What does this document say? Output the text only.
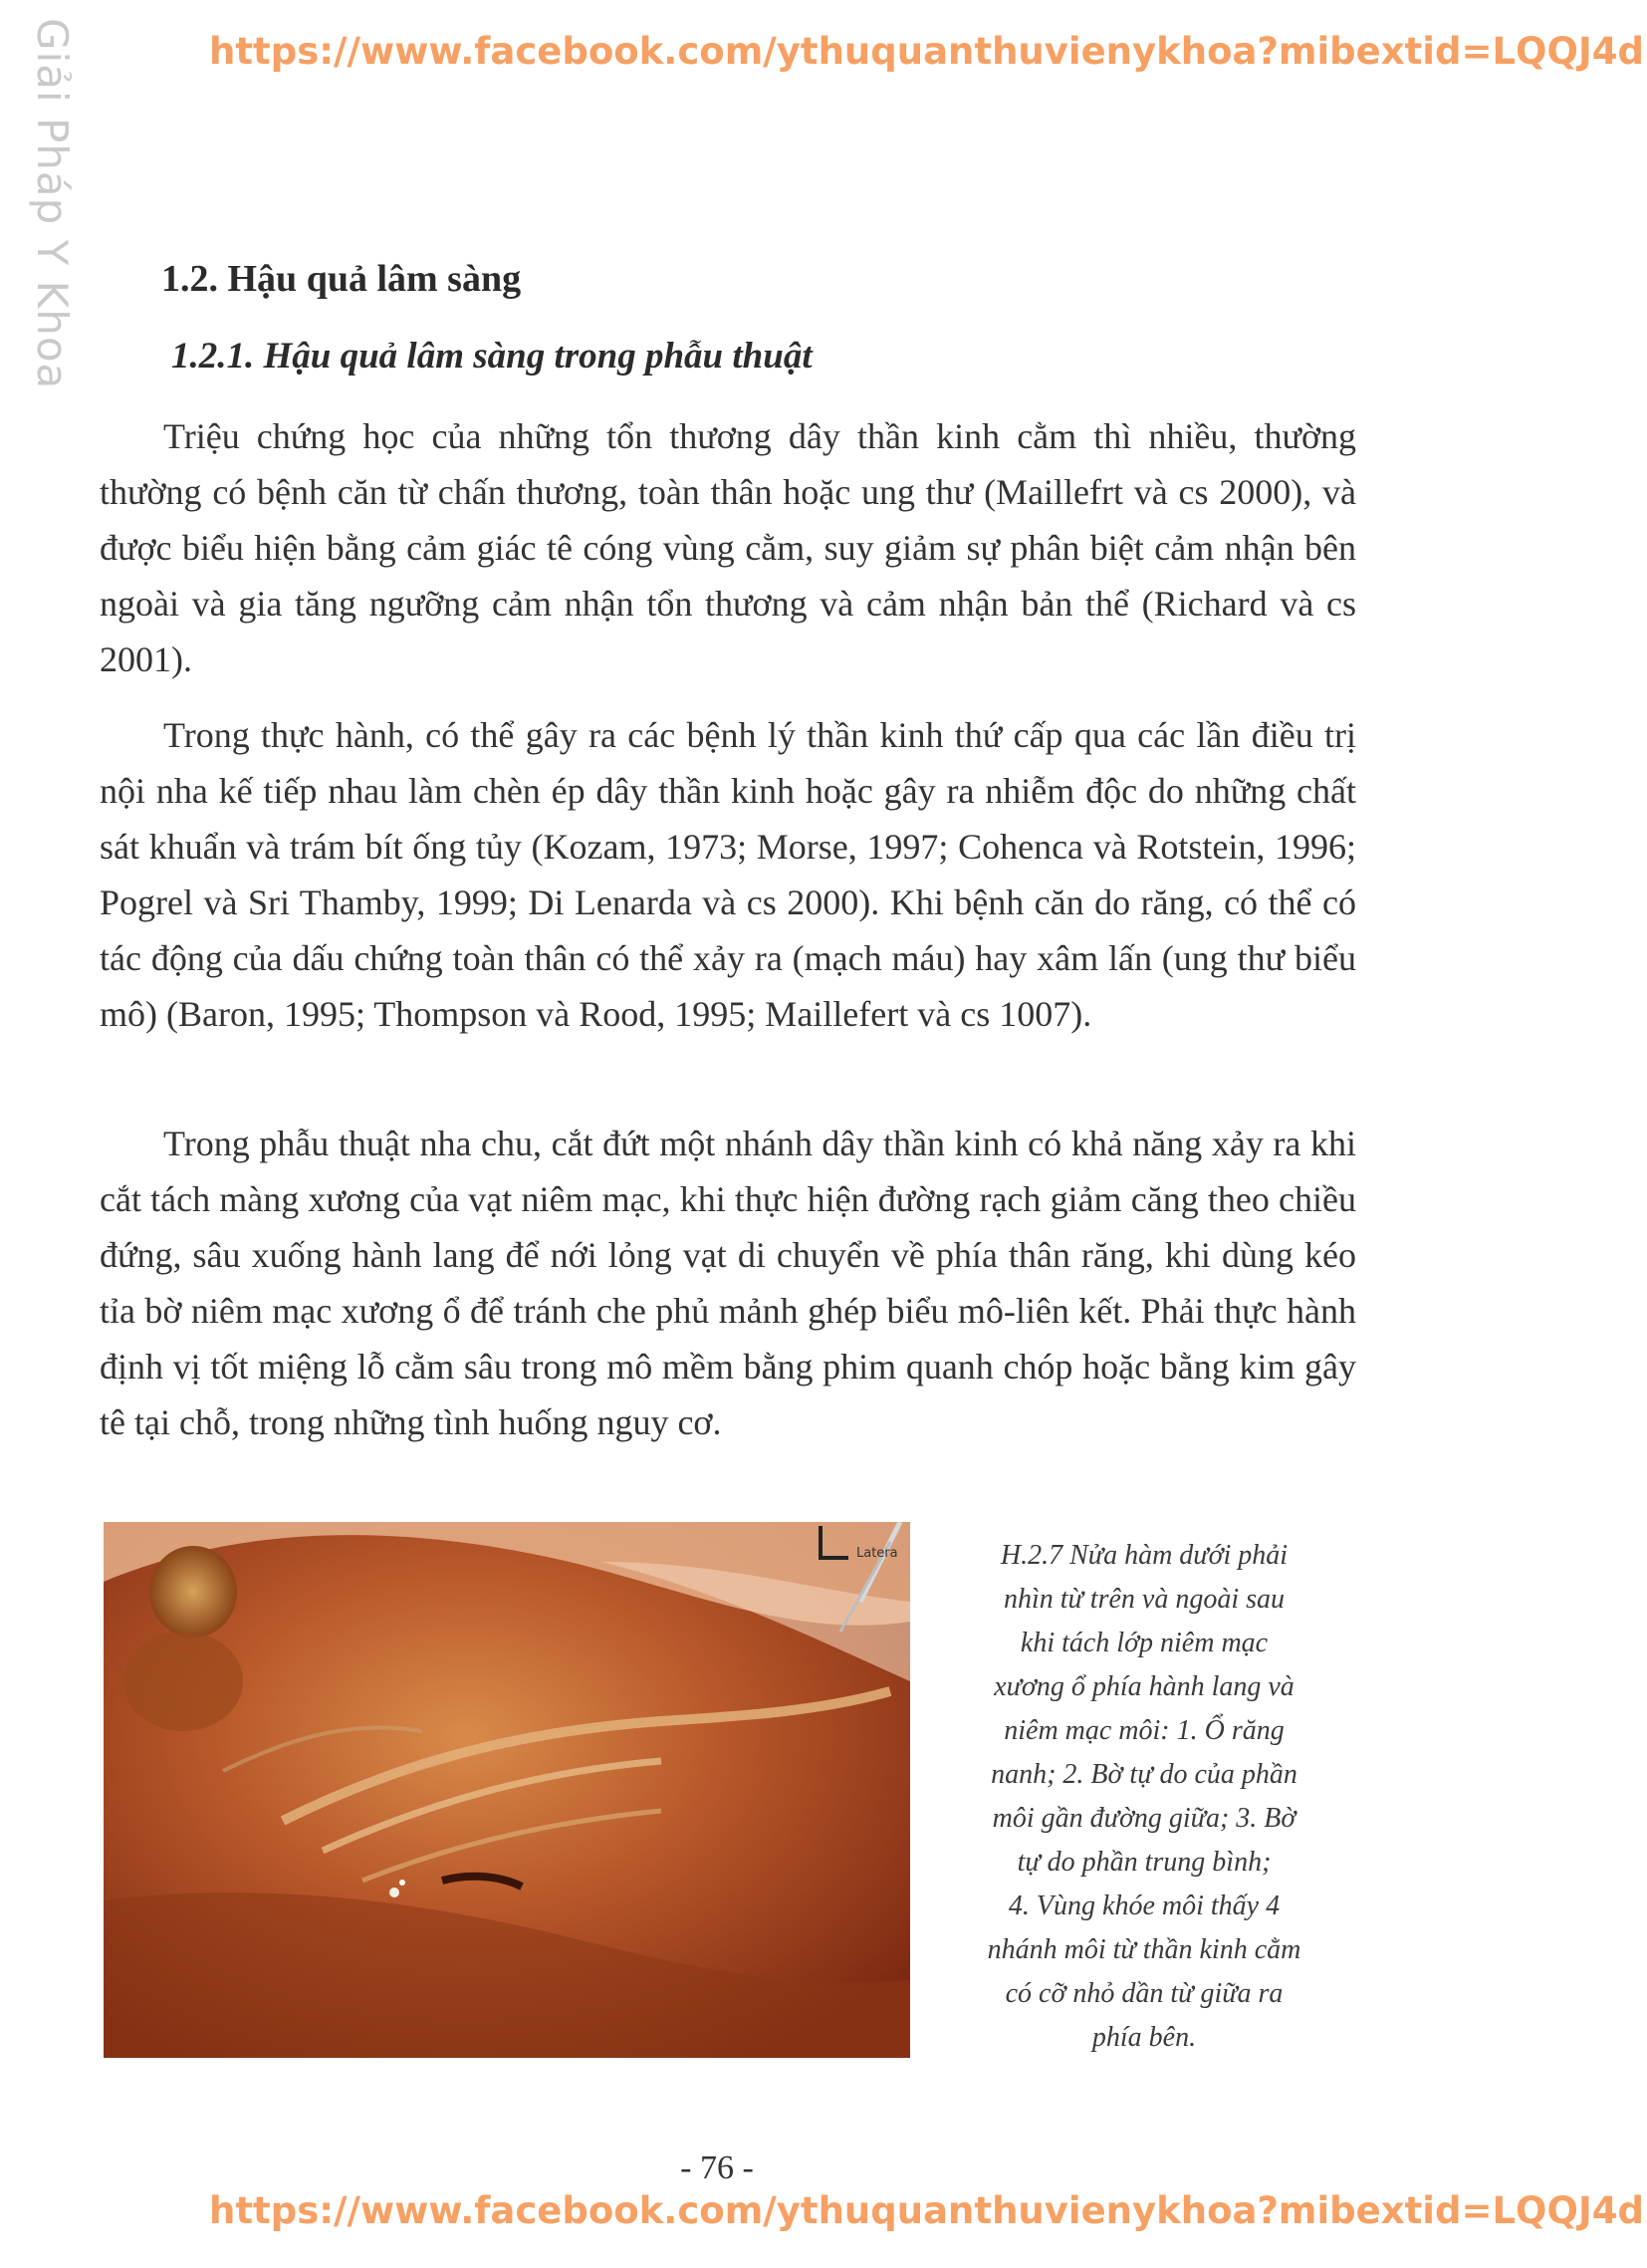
Giải Pháp Y Khoa	https://www.facebook.com/ythuquanthuvienykhoa?mibextid=LQQJ4d
1.2. Hậu quả lâm sàng
1.2.1. Hậu quả lâm sàng trong phẫu thuật

Triệu chứng học của những tổn thương dây thần kinh cằm thì nhiều, thường thường có bệnh căn từ chấn thương, toàn thân hoặc ung thư (Maillefrt và cs 2000), và được biểu hiện bằng cảm giác tê cóng vùng cằm, suy giảm sự phân biệt cảm nhận bên ngoài và gia tăng ngưỡng cảm nhận tổn thương và cảm nhận bản thể (Richard và cs 2001).

Trong thực hành, có thể gây ra các bệnh lý thần kinh thứ cấp qua các lần điều trị nội nha kế tiếp nhau làm chèn ép dây thần kinh hoặc gây ra nhiễm độc do những chất sát khuẩn và trám bít ống tủy (Kozam, 1973; Morse, 1997; Cohenca và Rotstein, 1996; Pogrel và Sri Thamby, 1999; Di Lenarda và cs 2000). Khi bệnh căn do răng, có thể có tác động của dấu chứng toàn thân có thể xảy ra (mạch máu) hay xâm lấn (ung thư biểu mô) (Baron, 1995; Thompson và Rood, 1995; Maillefert và cs 1007).

Trong phẫu thuật nha chu, cắt đứt một nhánh dây thần kinh có khả năng xảy ra khi cắt tách màng xương của vạt niêm mạc, khi thực hiện đường rạch giảm căng theo chiều đứng, sâu xuống hành lang để nới lỏng vạt di chuyển về phía thân răng, khi dùng kéo tỉa bờ niêm mạc xương ổ để tránh che phủ mảnh ghép biểu mô-liên kết. Phải thực hành định vị tốt miệng lỗ cằm sâu trong mô mềm bằng phim quanh chóp hoặc bằng kim gây tê tại chỗ, trong những tình huống nguy cơ.

Latera	H.2.7 Nửa hàm dưới phải
nhìn từ trên và ngoài sau
khi tách lớp niêm mạc
xương ổ phía hành lang và
niêm mạc môi: 1. Ổ răng
nanh; 2. Bờ tự do của phần
môi gần đường giữa; 3. Bờ
tự do phần trung bình;
4. Vùng khóe môi thấy 4
nhánh môi từ thần kinh cằm
có cỡ nhỏ dần từ giữa ra
phía bên.

- 76 -
https://www.facebook.com/ythuquanthuvienykhoa?mibextid=LQQJ4d
